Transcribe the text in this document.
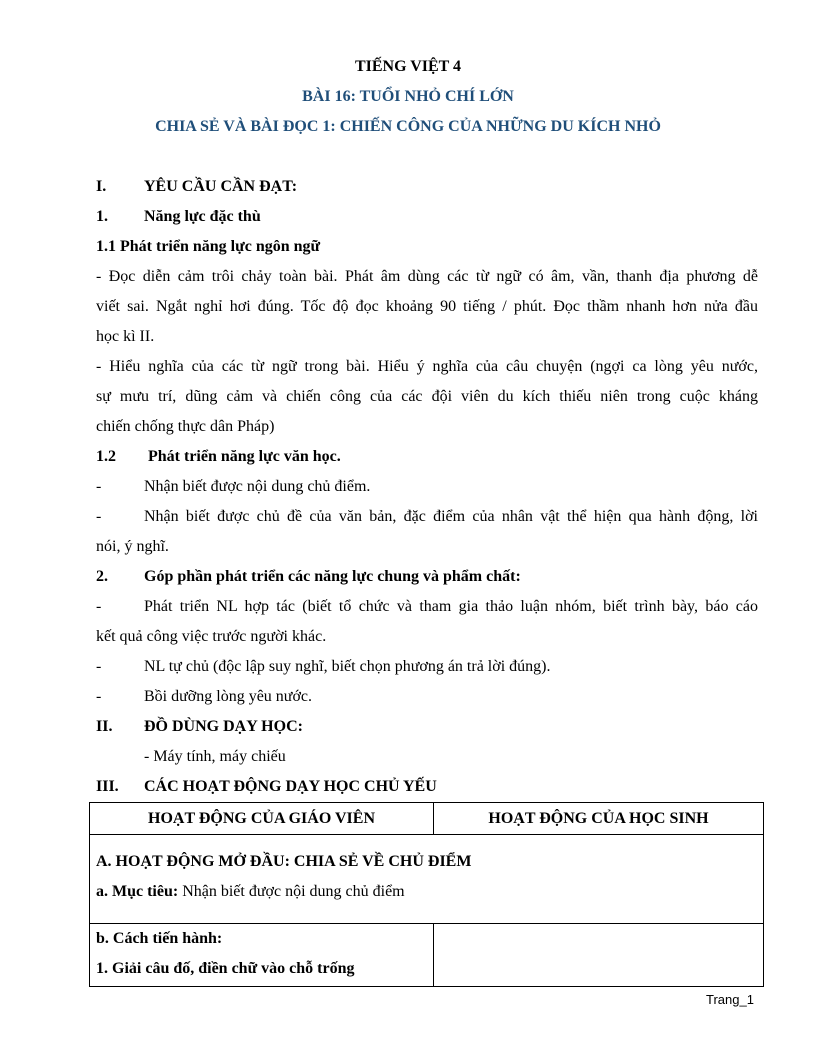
TIẾNG VIỆT 4
BÀI 16: TUỔI NHỎ CHÍ LỚN
CHIA SẺ VÀ BÀI ĐỌC 1: CHIẾN CÔNG CỦA NHỮNG DU KÍCH NHỎ
I. YÊU CẦU CẦN ĐẠT:
1. Năng lực đặc thù
1.1 Phát triển năng lực ngôn ngữ
- Đọc diễn cảm trôi chảy toàn bài. Phát âm dùng các từ ngữ có âm, vần, thanh địa phương dễ
viết sai. Ngắt nghỉ hơi đúng. Tốc độ đọc khoảng 90 tiếng / phút. Đọc thầm nhanh hơn nửa đầu
học kì II.
- Hiểu nghĩa của các từ ngữ trong bài. Hiểu ý nghĩa của câu chuyện (ngợi ca lòng yêu nước,
sự mưu trí, dũng cảm và chiến công của các đội viên du kích thiếu niên trong cuộc kháng
chiến chống thực dân Pháp)
1.2 Phát triển năng lực văn học.
-	Nhận biết được nội dung chủ điểm.
-	Nhận biết được chủ đề của văn bản, đặc điểm của nhân vật thể hiện qua hành động, lời
nói, ý nghĩ.
2. Góp phần phát triển các năng lực chung và phẩm chất:
-	Phát triển NL hợp tác (biết tổ chức và tham gia thảo luận nhóm, biết trình bày, báo cáo
kết quả công việc trước người khác.
-	NL tự chủ (độc lập suy nghĩ, biết chọn phương án trả lời đúng).
-	Bồi dưỡng lòng yêu nước.
II. ĐỒ DÙNG DẠY HỌC:
- Máy tính, máy chiếu
III. CÁC HOẠT ĐỘNG DẠY HỌC CHỦ YẾU
HOẠT ĐỘNG CỦA GIÁO VIÊN	HOẠT ĐỘNG CỦA HỌC SINH

A. HOẠT ĐỘNG MỞ ĐẦU: CHIA SẺ VỀ CHỦ ĐIỂM
a. Mục tiêu: Nhận biết được nội dung chủ điểm	

b. Cách tiến hành:
1. Giải câu đố, điền chữ vào chỗ trống	

Trang_1
